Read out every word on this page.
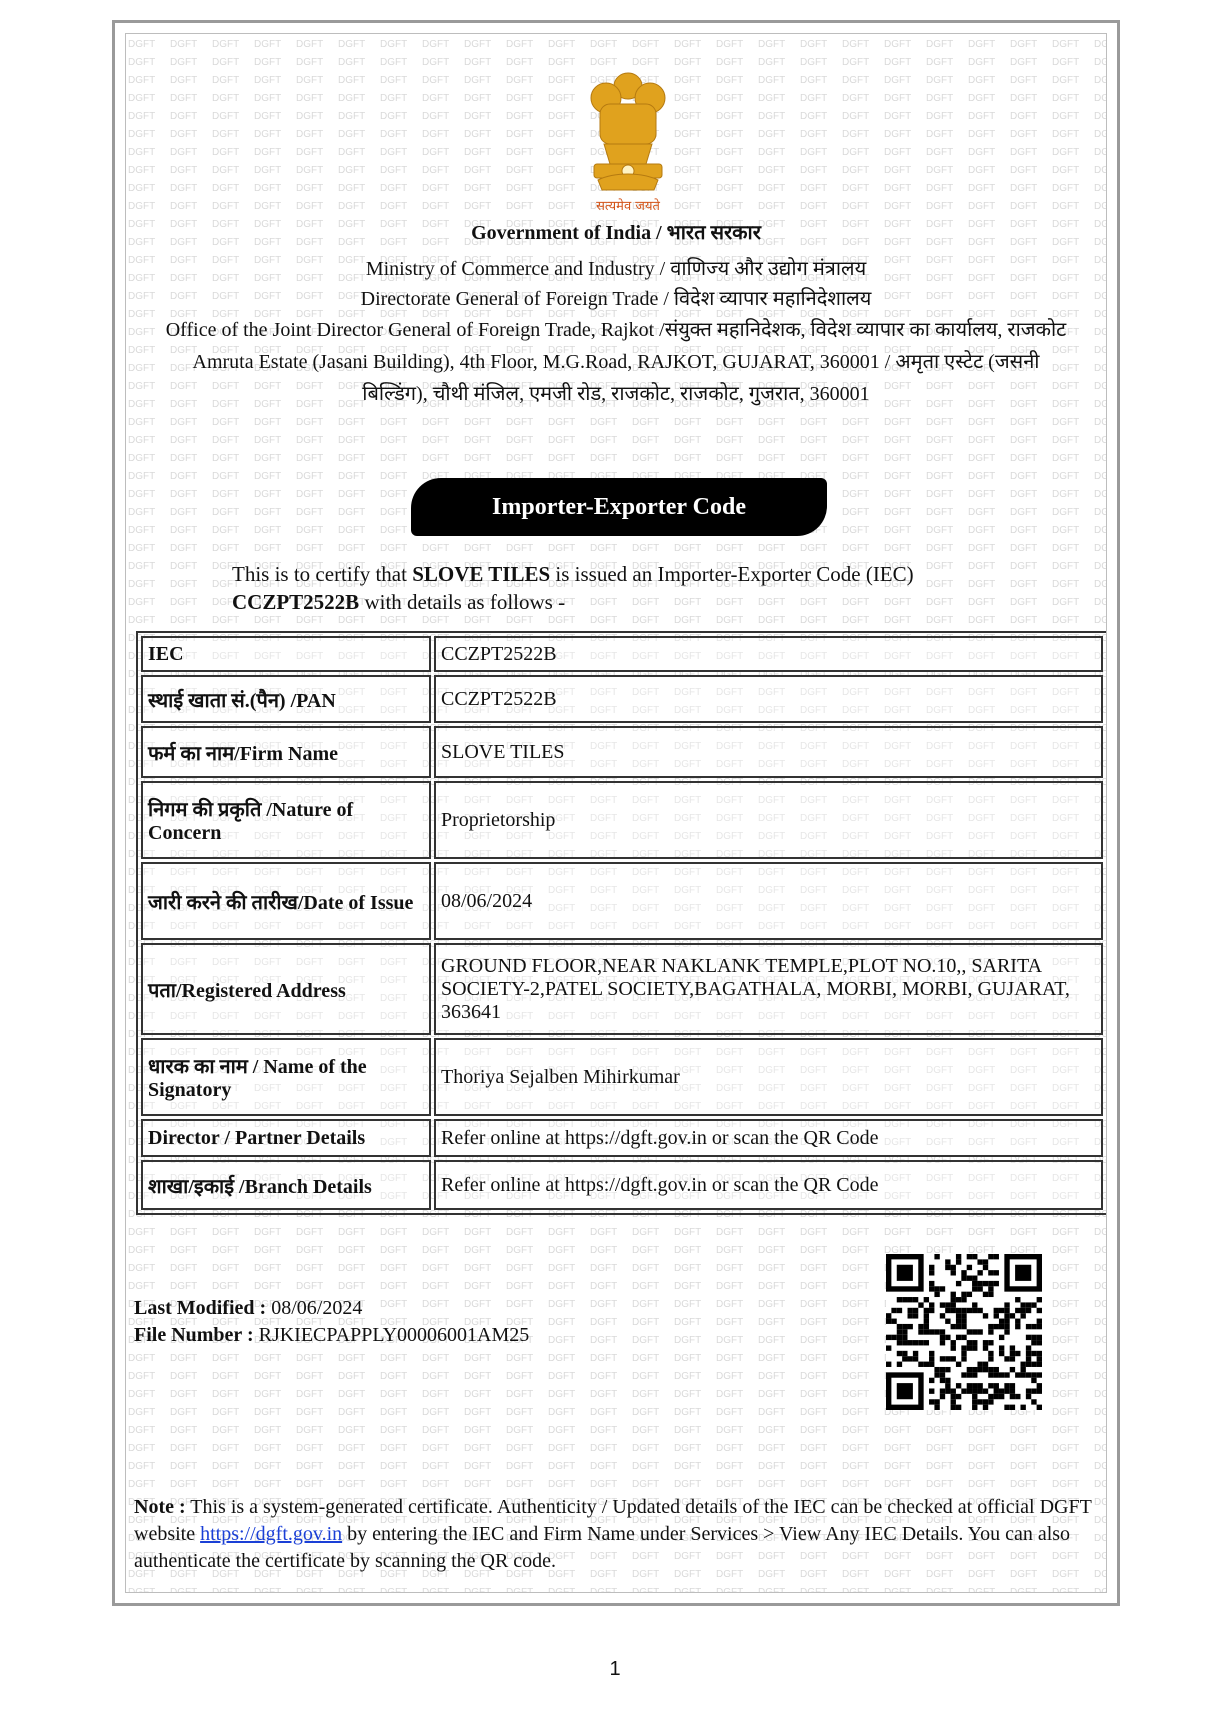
सत्यमेव जयते
Government of India / भारत सरकार
Ministry of Commerce and Industry / वाणिज्य और उद्योग मंत्रालय
Directorate General of Foreign Trade / विदेश व्यापार महानिदेशालय
Office of the Joint Director General of Foreign Trade, Rajkot /संयुक्त महानिदेशक, विदेश व्यापार का कार्यालय, राजकोट
Amruta Estate (Jasani Building), 4th Floor, M.G.Road, RAJKOT, GUJARAT, 360001 / अमृता एस्टेट (जसनी
बिल्डिंग), चौथी मंजिल, एमजी रोड, राजकोट, राजकोट, गुजरात, 360001
Importer-Exporter Code
This is to certify that SLOVE TILES is issued an Importer-Exporter Code (IEC)
CCZPT2522B with details as follows -
IEC	CCZPT2522B
स्थाई खाता सं.(पैन) /PAN	CCZPT2522B
फर्म का नाम/Firm Name	SLOVE TILES
निगम की प्रकृति /Nature of Concern	Proprietorship
जारी करने की तारीख/Date of Issue	08/06/2024
पता/Registered Address	GROUND FLOOR,NEAR NAKLANK TEMPLE,PLOT NO.10,, SARITA SOCIETY-2,PATEL SOCIETY,BAGATHALA, MORBI, MORBI, GUJARAT, 363641
धारक का नाम / Name of the Signatory	Thoriya Sejalben Mihirkumar
Director / Partner Details	Refer online at https://dgft.gov.in or scan the QR Code
शाखा/इकाई /Branch Details	Refer online at https://dgft.gov.in or scan the QR Code
Last Modified : 08/06/2024
File Number : RJKIECPAPPLY00006001AM25
Note : This is a system-generated certificate. Authenticity / Updated details of the IEC can be checked at official DGFT website https://dgft.gov.in by entering the IEC and Firm Name under Services > View Any IEC Details. You can also authenticate the certificate by scanning the QR code.
1
